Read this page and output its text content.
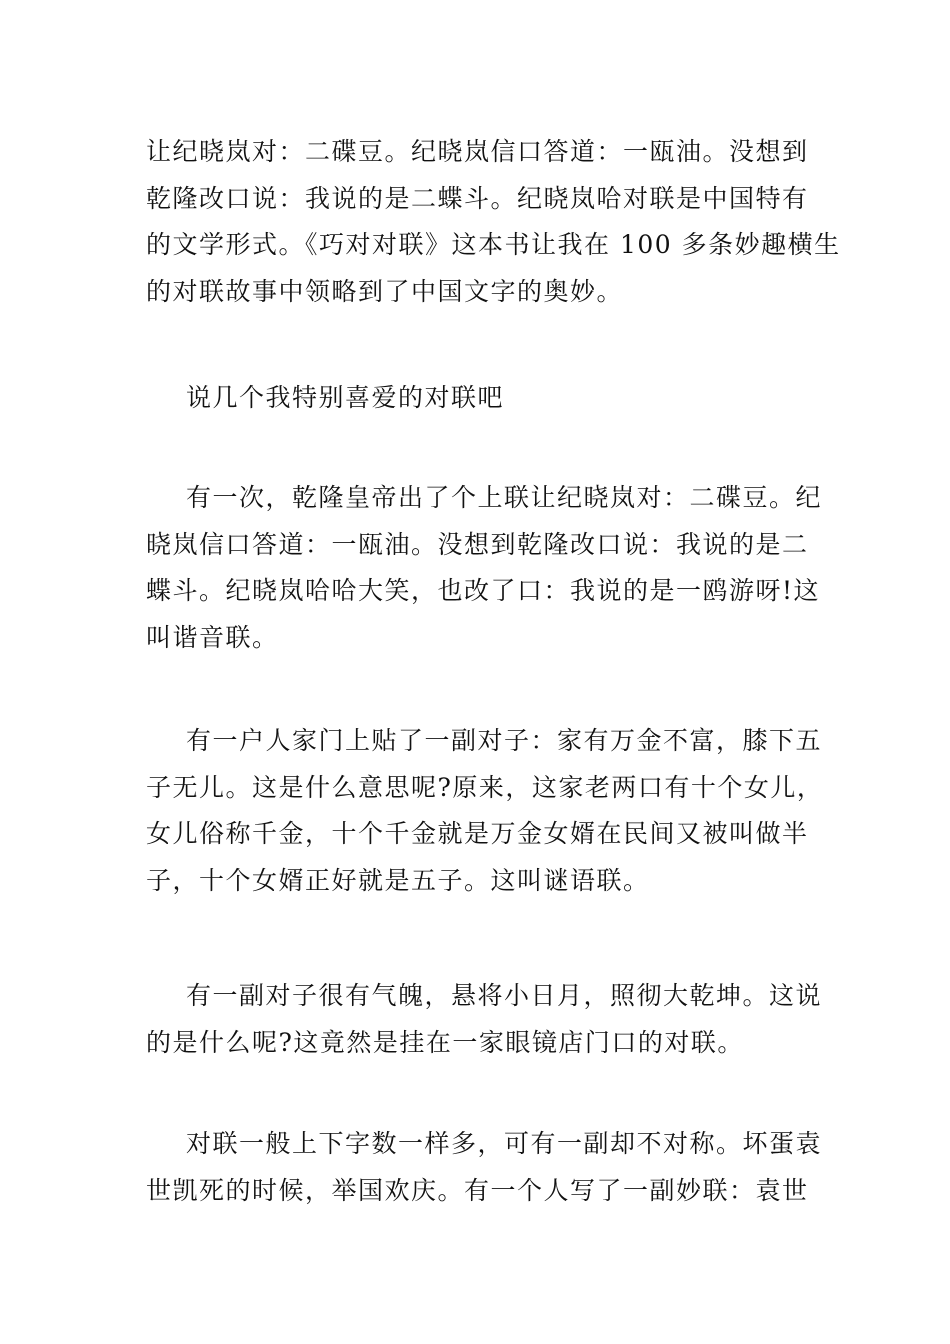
让纪晓岚对：二碟豆。纪晓岚信口答道：一瓯油。没想到
乾隆改口说：我说的是二蝶斗。纪晓岚哈对联是中国特有
的文学形式。《巧对对联》这本书让我在 100 多条妙趣横生
的对联故事中领略到了中国文字的奥妙。

说几个我特别喜爱的对联吧

有一次，乾隆皇帝出了个上联让纪晓岚对：二碟豆。纪
晓岚信口答道：一瓯油。没想到乾隆改口说：我说的是二
蝶斗。纪晓岚哈哈大笑，也改了口：我说的是一鸥游呀!这
叫谐音联。

有一户人家门上贴了一副对子：家有万金不富，膝下五
子无儿。这是什么意思呢?原来，这家老两口有十个女儿，
女儿俗称千金，十个千金就是万金女婿在民间又被叫做半
子，十个女婿正好就是五子。这叫谜语联。

有一副对子很有气魄，悬将小日月，照彻大乾坤。这说
的是什么呢?这竟然是挂在一家眼镜店门口的对联。

对联一般上下字数一样多，可有一副却不对称。坏蛋袁
世凯死的时候，举国欢庆。有一个人写了一副妙联：袁世
